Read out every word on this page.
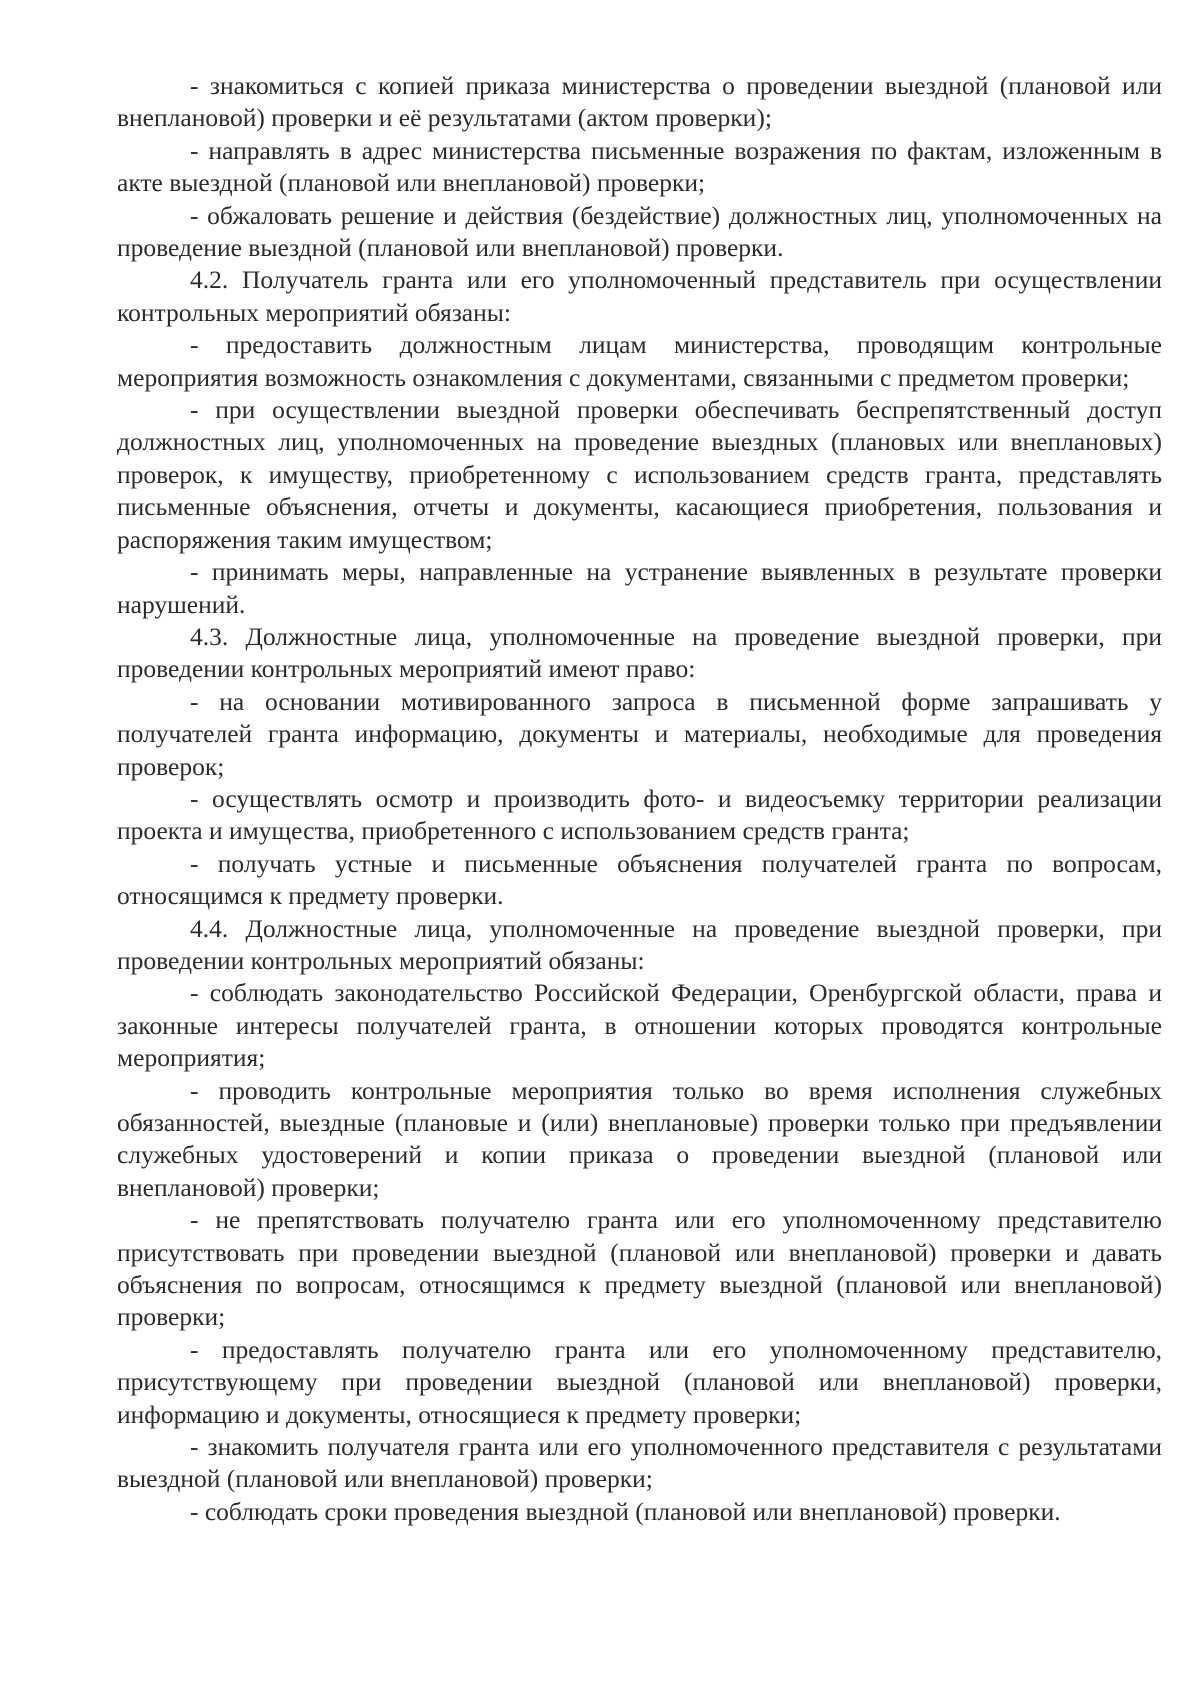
- знакомиться с копией приказа министерства о проведении выездной (плановой или внеплановой) проверки и её результатами (актом проверки);

- направлять в адрес министерства письменные возражения по фактам, изложенным в акте выездной (плановой или внеплановой) проверки;

- обжаловать решение и действия (бездействие) должностных лиц, уполномоченных на проведение выездной (плановой или внеплановой) проверки.

4.2. Получатель гранта или его уполномоченный представитель при осуществлении контрольных мероприятий обязаны:

- предоставить должностным лицам министерства, проводящим контрольные мероприятия возможность ознакомления с документами, связанными с предметом проверки;

- при осуществлении выездной проверки обеспечивать беспрепятственный доступ должностных лиц, уполномоченных на проведение выездных (плановых или внеплановых) проверок, к имуществу, приобретенному с использованием средств гранта, представлять письменные объяснения, отчеты и документы, касающиеся приобретения, пользования и распоряжения таким имуществом;

- принимать меры, направленные на устранение выявленных в результате проверки нарушений.

4.3. Должностные лица, уполномоченные на проведение выездной проверки, при проведении контрольных мероприятий имеют право:

- на основании мотивированного запроса в письменной форме запрашивать у получателей гранта информацию, документы и материалы, необходимые для проведения проверок;

- осуществлять осмотр и производить фото- и видеосъемку территории реализации проекта и имущества, приобретенного с использованием средств гранта;

- получать устные и письменные объяснения получателей гранта по вопросам, относящимся к предмету проверки.

4.4. Должностные лица, уполномоченные на проведение выездной проверки, при проведении контрольных мероприятий обязаны:

- соблюдать законодательство Российской Федерации, Оренбургской области, права и законные интересы получателей гранта, в отношении которых проводятся контрольные мероприятия;

- проводить контрольные мероприятия только во время исполнения служебных обязанностей, выездные (плановые и (или) внеплановые) проверки только при предъявлении служебных удостоверений и копии приказа о проведении выездной (плановой или внеплановой) проверки;

- не препятствовать получателю гранта или его уполномоченному представителю присутствовать при проведении выездной (плановой или внеплановой) проверки и давать объяснения по вопросам, относящимся к предмету выездной (плановой или внеплановой) проверки;

- предоставлять получателю гранта или его уполномоченному представителю, присутствующему при проведении выездной (плановой или внеплановой) проверки, информацию и документы, относящиеся к предмету проверки;

- знакомить получателя гранта или его уполномоченного представителя с результатами выездной (плановой или внеплановой) проверки;

- соблюдать сроки проведения выездной (плановой или внеплановой) проверки.
